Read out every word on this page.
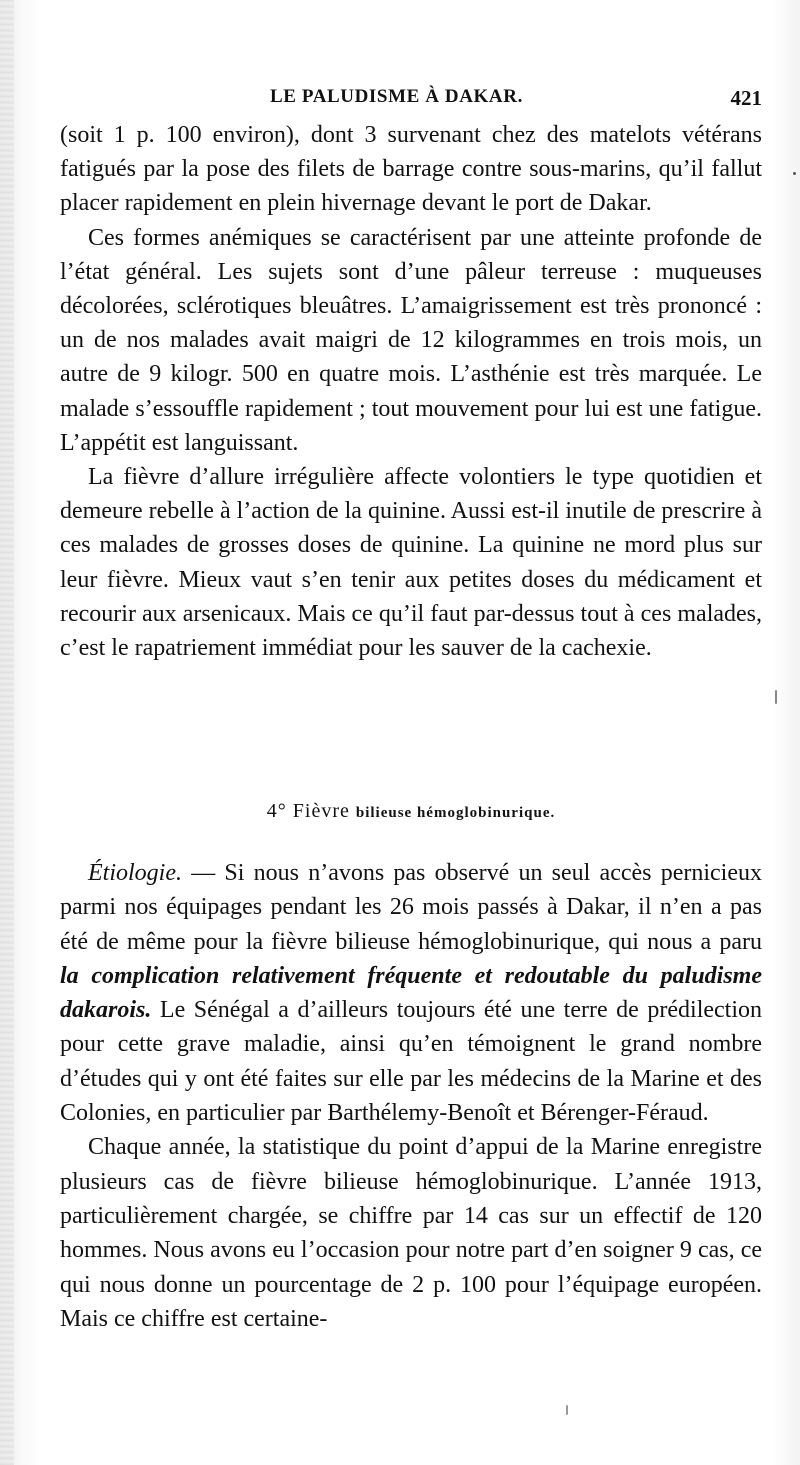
LE PALUDISME À DAKAR.	421

(soit 1 p. 100 environ), dont 3 survenant chez des matelots vétérans fatigués par la pose des filets de barrage contre sous-marins, qu’il fallut placer rapidement en plein hivernage devant le port de Dakar.

Ces formes anémiques se caractérisent par une atteinte profonde de l’état général. Les sujets sont d’une pâleur terreuse : muqueuses décolorées, sclérotiques bleuâtres. L’amaigrissement est très prononcé : un de nos malades avait maigri de 12 kilogrammes en trois mois, un autre de 9 kilogr. 500 en quatre mois. L’asthénie est très marquée. Le malade s’essouffle rapidement ; tout mouvement pour lui est une fatigue. L’appétit est languissant.

La fièvre d’allure irrégulière affecte volontiers le type quotidien et demeure rebelle à l’action de la quinine. Aussi est-il inutile de prescrire à ces malades de grosses doses de quinine. La quinine ne mord plus sur leur fièvre. Mieux vaut s’en tenir aux petites doses du médicament et recourir aux arsenicaux. Mais ce qu’il faut par-dessus tout à ces malades, c’est le rapatriement immédiat pour les sauver de la cachexie.

4° Fièvre bilieuse hémoglobinurique.

Étiologie. — Si nous n’avons pas observé un seul accès pernicieux parmi nos équipages pendant les 26 mois passés à Dakar, il n’en a pas été de même pour la fièvre bilieuse hémoglobinurique, qui nous a paru la complication relativement fréquente et redoutable du paludisme dakarois. Le Sénégal a d’ailleurs toujours été une terre de prédilection pour cette grave maladie, ainsi qu’en témoignent le grand nombre d’études qui y ont été faites sur elle par les médecins de la Marine et des Colonies, en particulier par Barthélemy-Benoît et Bérenger-Féraud.

Chaque année, la statistique du point d’appui de la Marine enregistre plusieurs cas de fièvre bilieuse hémoglobinurique. L’année 1913, particulièrement chargée, se chiffre par 14 cas sur un effectif de 120 hommes. Nous avons eu l’occasion pour notre part d’en soigner 9 cas, ce qui nous donne un pourcentage de 2 p. 100 pour l’équipage européen. Mais ce chiffre est certaine-
